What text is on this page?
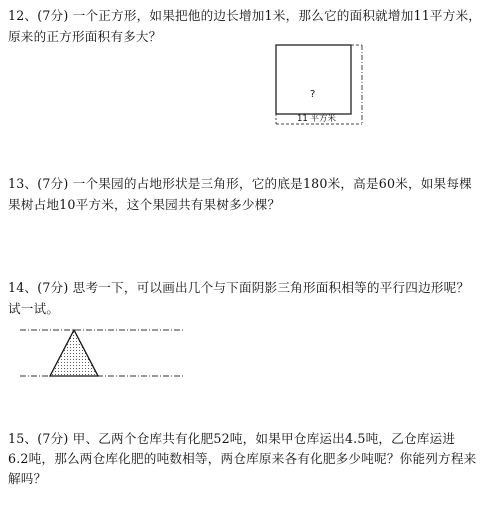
12、(7分) 一个正方形，如果把他的边长增加1米，那么它的面积就增加11平方米，
原来的正方形面积有多大？
?
11 平方米
13、(7分) 一个果园的占地形状是三角形，它的底是180米，高是60米，如果每棵
果树占地10平方米，这个果园共有果树多少棵？
14、(7分) 思考一下，可以画出几个与下面阴影三角形面积相等的平行四边形呢？
试一试。
15、(7分) 甲、乙两个仓库共有化肥52吨，如果甲仓库运出4.5吨，乙仓库运进
6.2吨，那么两仓库化肥的吨数相等，两仓库原来各有化肥多少吨呢？你能列方程来
解吗？
